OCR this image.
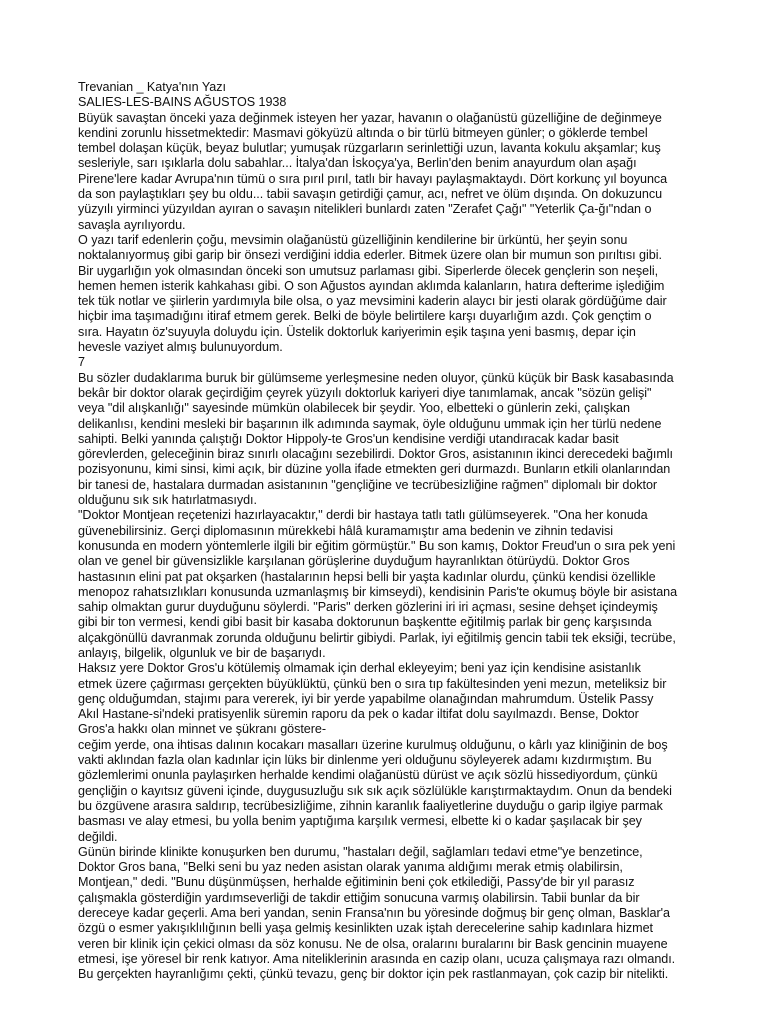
Trevanian _ Katya'nın Yazı
SALIES-LES-BAINS AĞUSTOS 1938
Büyük savaştan önceki yaza değinmek isteyen her yazar, havanın o olağanüstü güzelliğine de değinmeye
kendini zorunlu hissetmektedir: Masmavi gökyüzü altında o bir türlü bitmeyen günler; o göklerde tembel
tembel dolaşan küçük, beyaz bulutlar; yumuşak rüzgarların serinlettiği uzun, lavanta kokulu akşamlar; kuş
sesleriyle, sarı ışıklarla dolu sabahlar... İtalya'dan İskoçya'ya, Berlin'den benim anayurdum olan aşağı
Pirene'lere kadar Avrupa'nın tümü o sıra pırıl pırıl, tatlı bir havayı paylaşmaktaydı. Dört korkunç yıl boyunca
da son paylaştıkları şey bu oldu... tabii savaşın getirdiği çamur, acı, nefret ve ölüm dışında. On dokuzuncu
yüzyılı yirminci yüzyıldan ayıran o savaşın nitelikleri bunlardı zaten "Zerafet Çağı" "Yeterlik Ça-ğı"ndan o
savaşla ayrılıyordu.
O yazı tarif edenlerin çoğu, mevsimin olağanüstü güzelliğinin kendilerine bir ürküntü, her şeyin sonu
noktalanıyormuş gibi garip bir önsezi verdiğini iddia ederler. Bitmek üzere olan bir mumun son pırıltısı gibi.
Bir uygarlığın yok olmasından önceki son umutsuz parlaması gibi. Siperlerde ölecek gençlerin son neşeli,
hemen hemen isterik kahkahası gibi. O son Ağustos ayından aklımda kalanların, hatıra defterime işlediğim
tek tük notlar ve şiirlerin yardımıyla bile olsa, o yaz mevsimini kaderin alaycı bir jesti olarak gördüğüme dair
hiçbir ima taşımadığını itiraf etmem gerek. Belki de böyle belirtilere karşı duyarlığım azdı. Çok gençtim o
sıra. Hayatın öz'suyuyla doluydu için. Üstelik doktorluk kariyerimin eşik taşına yeni basmış, depar için
hevesle vaziyet almış bulunuyordum.
7
Bu sözler dudaklarıma buruk bir gülümseme yerleşmesine neden oluyor, çünkü küçük bir Bask kasabasında
bekâr bir doktor olarak geçirdiğim çeyrek yüzyılı doktorluk kariyeri diye tanımlamak, ancak "sözün gelişi"
veya "dil alışkanlığı" sayesinde mümkün olabilecek bir şeydir. Yoo, elbetteki o günlerin zeki, çalışkan
delikanlısı, kendini mesleki bir başarının ilk adımında saymak, öyle olduğunu ummak için her türlü nedene
sahipti. Belki yanında çalıştığı Doktor Hippoly-te Gros'un kendisine verdiği utandıracak kadar basit
görevlerden, geleceğinin biraz sınırlı olacağını sezebilirdi. Doktor Gros, asistanının ikinci derecedeki bağımlı
pozisyonunu, kimi sinsi, kimi açık, bir düzine yolla ifade etmekten geri durmazdı. Bunların etkili olanlarından
bir tanesi de, hastalara durmadan asistanının "gençliğine ve tecrübesizliğine rağmen" diplomalı bir doktor
olduğunu sık sık hatırlatmasıydı.
"Doktor Montjean reçetenizi hazırlayacaktır," derdi bir hastaya tatlı tatlı gülümseyerek. "Ona her konuda
güvenebilirsiniz. Gerçi diplomasının mürekkebi hâlâ kuramamıştır ama bedenin ve zihnin tedavisi
konusunda en modern yöntemlerle ilgili bir eğitim görmüştür." Bu son kamış, Doktor Freud'un o sıra pek yeni
olan ve genel bir güvensizlikle karşılanan görüşlerine duyduğum hayranlıktan ötürüydü. Doktor Gros
hastasının elini pat pat okşarken (hastalarının hepsi belli bir yaşta kadınlar olurdu, çünkü kendisi özellikle
menopoz rahatsızlıkları konusunda uzmanlaşmış bir kimseydi), kendisinin Paris'te okumuş böyle bir asistana
sahip olmaktan gurur duyduğunu söylerdi. "Paris" derken gözlerini iri iri açması, sesine dehşet içindeymiş
gibi bir ton vermesi, kendi gibi basit bir kasaba doktorunun başkentte eğitilmiş parlak bir genç karşısında
alçakgönüllü davranmak zorunda olduğunu belirtir gibiydi. Parlak, iyi eğitilmiş gencin tabii tek eksiği, tecrübe,
anlayış, bilgelik, olgunluk ve bir de başarıydı.
Haksız yere Doktor Gros'u kötülemiş olmamak için derhal ekleyeyim; beni yaz için kendisine asistanlık
etmek üzere çağırması gerçekten büyüklüktü, çünkü ben o sıra tıp fakültesinden yeni mezun, meteliksiz bir
genç olduğumdan, stajımı para vererek, iyi bir yerde yapabilme olanağından mahrumdum. Üstelik Passy
Akıl Hastane-si'ndeki pratisyenlik süremin raporu da pek o kadar iltifat dolu sayılmazdı. Bense, Doktor
Gros'a hakkı olan minnet ve şükranı göstere-
ceğim yerde, ona ihtisas dalının kocakarı masalları üzerine kurulmuş olduğunu, o kârlı yaz kliniğinin de boş
vakti aklından fazla olan kadınlar için lüks bir dinlenme yeri olduğunu söyleyerek adamı kızdırmıştım. Bu
gözlemlerimi onunla paylaşırken herhalde kendimi olağanüstü dürüst ve açık sözlü hissediyordum, çünkü
gençliğin o kayıtsız güveni içinde, duygusuzluğu sık sık açık sözlülükle karıştırmaktaydım. Onun da bendeki
bu özgüvene arasıra saldırıp, tecrübesizliğime, zihnin karanlık faaliyetlerine duyduğu o garip ilgiye parmak
basması ve alay etmesi, bu yolla benim yaptığıma karşılık vermesi, elbette ki o kadar şaşılacak bir şey
değildi.
Günün birinde klinikte konuşurken ben durumu, "hastaları değil, sağlamları tedavi etme"ye benzetince,
Doktor Gros bana, "Belki seni bu yaz neden asistan olarak yanıma aldığımı merak etmiş olabilirsin,
Montjean," dedi. "Bunu düşünmüşsen, herhalde eğitiminin beni çok etkilediği, Passy'de bir yıl parasız
çalışmakla gösterdiğin yardımseverliği de takdir ettiğim sonucuna varmış olabilirsin. Tabii bunlar da bir
dereceye kadar geçerli. Ama beri yandan, senin Fransa'nın bu yöresinde doğmuş bir genç olman, Basklar'a
özgü o esmer yakışıklılığının belli yaşa gelmiş kesinlikten uzak iştah derecelerine sahip kadınlara hizmet
veren bir klinik için çekici olması da söz konusu. Ne de olsa, oralarını buralarını bir Bask gencinin muayene
etmesi, işe yöresel bir renk katıyor. Ama niteliklerinin arasında en cazip olanı, ucuza çalışmaya razı olmandı.
Bu gerçekten hayranlığımı çekti, çünkü tevazu, genç bir doktor için pek rastlanmayan, çok cazip bir nitelikti.
